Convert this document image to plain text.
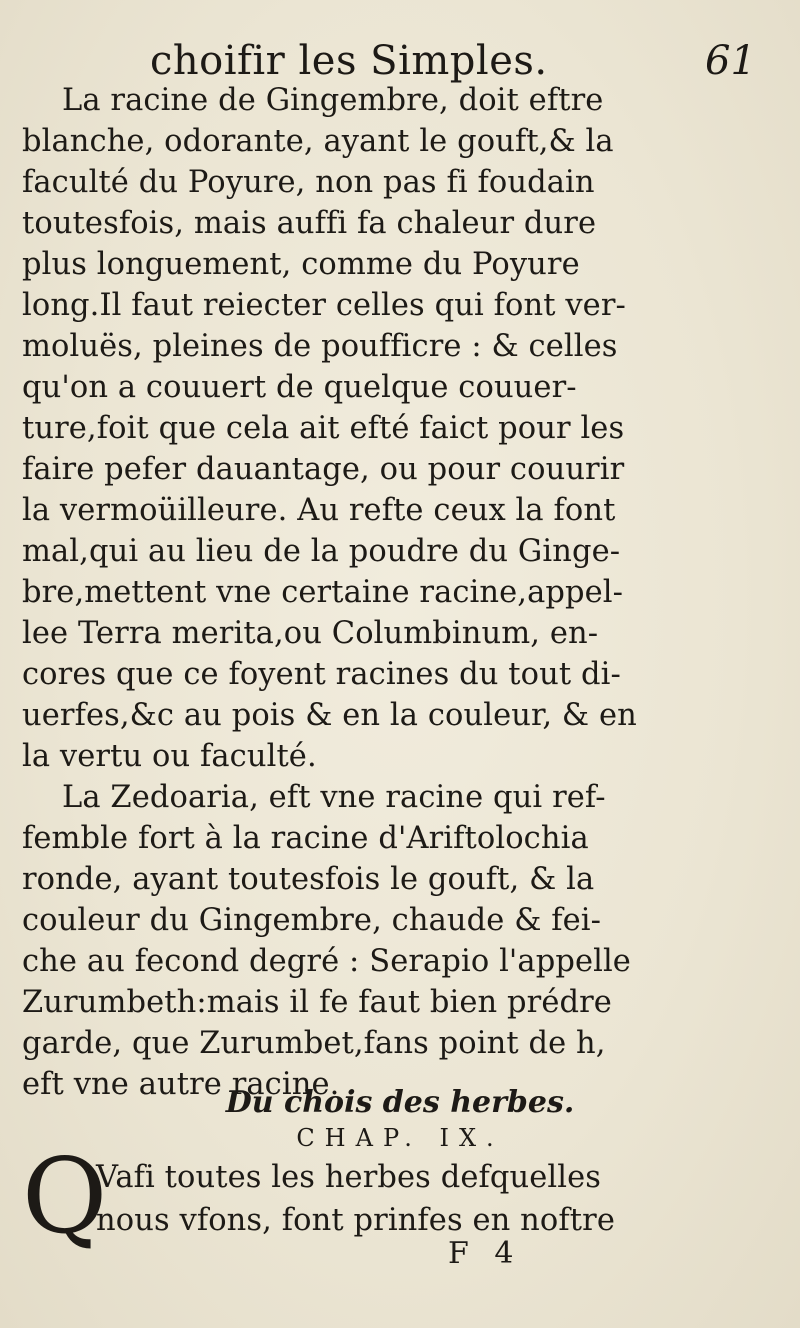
choifir les Simples.	61
La racine de Gingembre, doit eftre
blanche, odorante, ayant le gouft,& la
faculté du Poyure, non pas fi foudain
toutesfois, mais auffi fa chaleur dure
plus longuement, comme du Poyure
long.Il faut reiecter celles qui font ver-
moluës, pleines de poufficre : & celles
qu'on a couuert de quelque couuer-
ture,foit que cela ait efté faict pour les
faire pefer dauantage, ou pour couurir
la vermoüilleure. Au refte ceux la font
mal,qui au lieu de la poudre du Ginge-
bre,mettent vne certaine racine,appel-
lee Terra merita,ou Columbinum, en-
cores que ce foyent racines du tout di-
uerfes,&c au pois & en la couleur, & en
la vertu ou faculté.
La Zedoaria, eft vne racine qui ref-
femble fort à la racine d'Ariftolochia
ronde, ayant toutesfois le gouft, & la
couleur du Gingembre, chaude & fei-
che au fecond degré : Serapio l'appelle
Zurumbeth:mais il fe faut bien prédre
garde, que Zurumbet,fans point de h,
eft vne autre racine.
Du chois des herbes.
CHAP. IX.
Q
Vafi toutes les herbes defquelles
nous vfons, font prinfes en noftre
F 4
